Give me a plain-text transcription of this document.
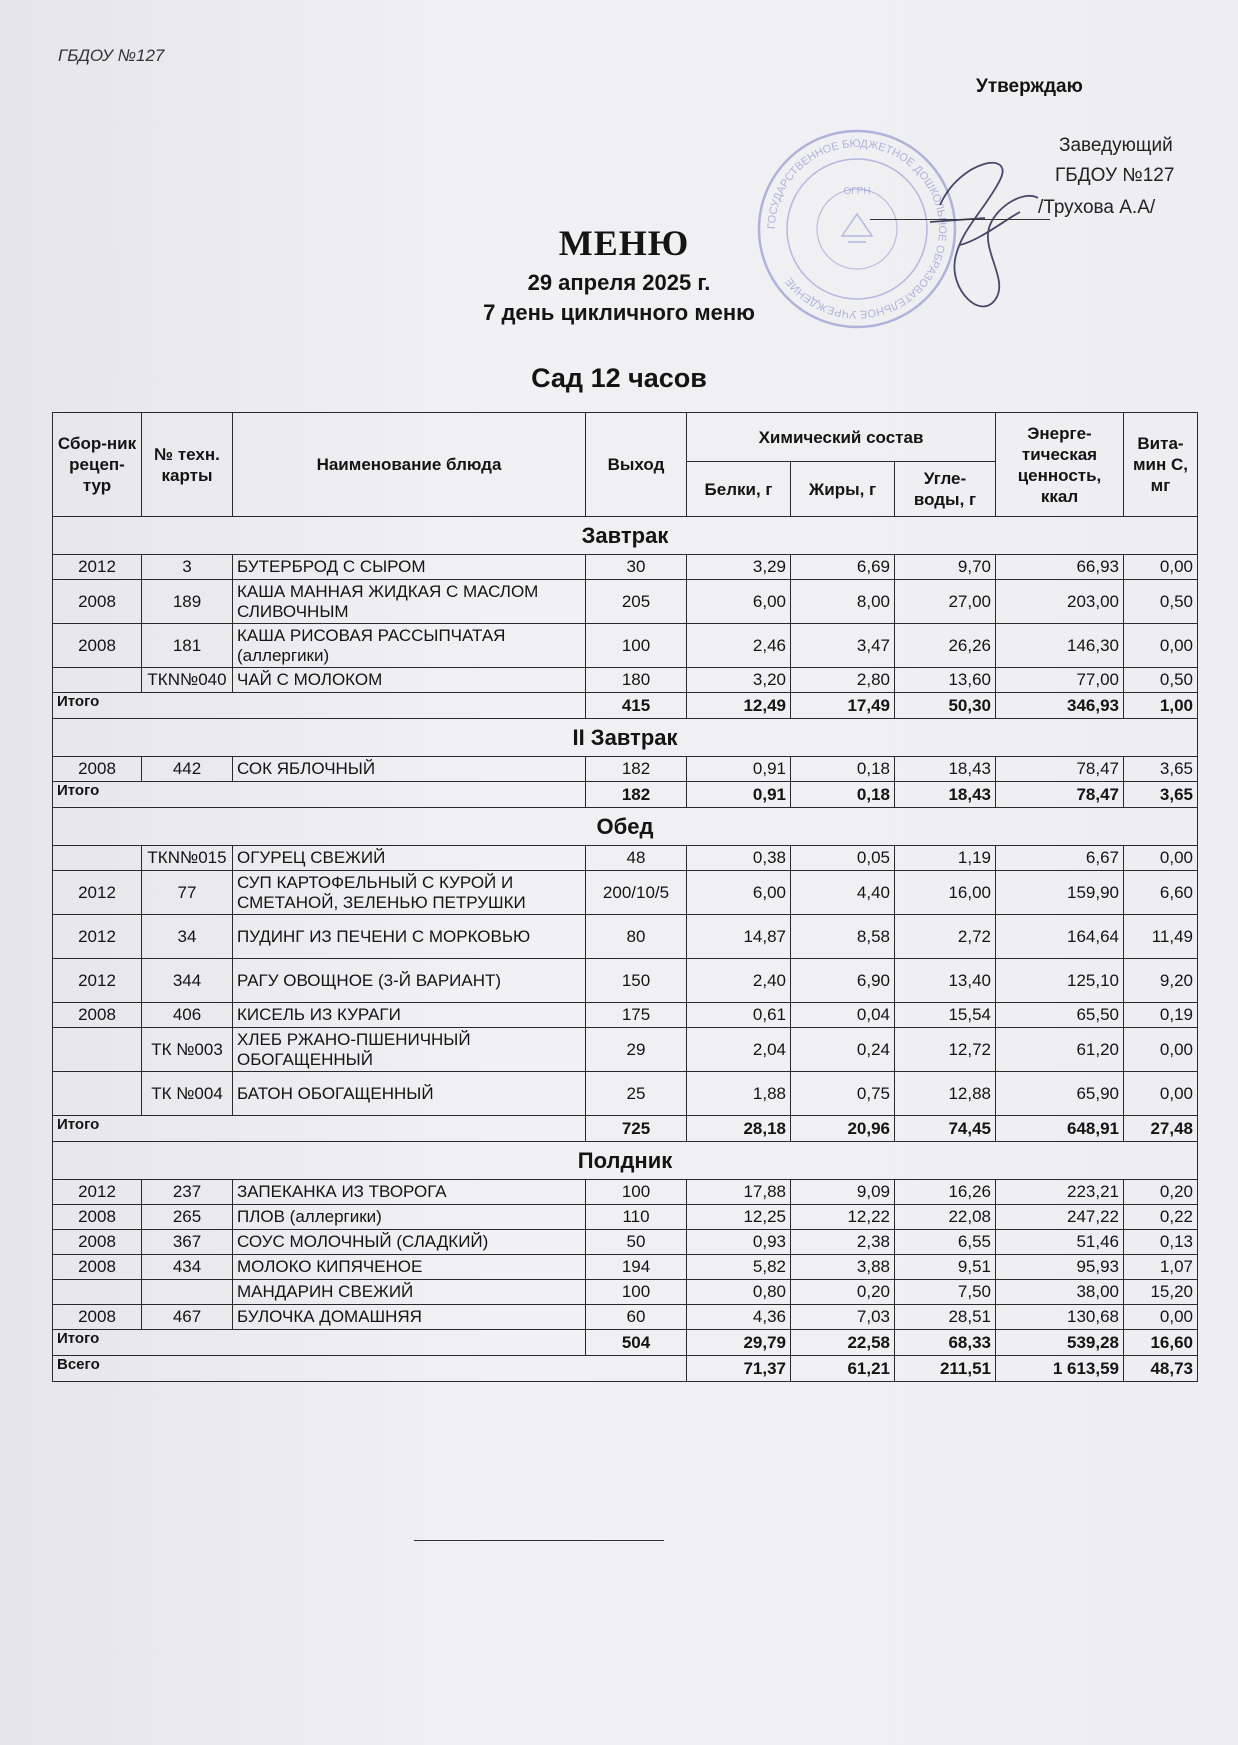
ГБДОУ №127
Утверждаю
ГОСУДАРСТВЕННОЕ БЮДЖЕТНОЕ ДОШКОЛЬНОЕ ОБРАЗОВАТЕЛЬНОЕ УЧРЕЖДЕНИЕ
ОГРН
Заведующий
ГБДОУ №127
/Трухова А.А/
МЕНЮ
29 апреля 2025 г.
7 день цикличного меню
Сад 12 часов
Сбор-ник рецеп-тур	№ техн. карты	Наименование блюда	Выход	Химический состав			Энерге-тическая ценность, ккал	Вита-мин С, мг
				Белки, г	Жиры, г	Угле-воды, г		
Завтрак								
2012	3	БУТЕРБРОД С СЫРОМ	30	3,29	6,69	9,70	66,93	0,00
2008	189	КАША МАННАЯ ЖИДКАЯ С МАСЛОМ СЛИВОЧНЫМ	205	6,00	8,00	27,00	203,00	0,50
2008	181	КАША РИСОВАЯ РАССЫПЧАТАЯ (аллергики)	100	2,46	3,47	26,26	146,30	0,00
	ТКN№040	ЧАЙ С МОЛОКОМ	180	3,20	2,80	13,60	77,00	0,50
Итого			415	12,49	17,49	50,30	346,93	1,00
II Завтрак								
2008	442	СОК ЯБЛОЧНЫЙ	182	0,91	0,18	18,43	78,47	3,65
Итого			182	0,91	0,18	18,43	78,47	3,65
Обед								
	ТКN№015	ОГУРЕЦ СВЕЖИЙ	48	0,38	0,05	1,19	6,67	0,00
2012	77	СУП КАРТОФЕЛЬНЫЙ С КУРОЙ И СМЕТАНОЙ, ЗЕЛЕНЬЮ ПЕТРУШКИ	200/10/5	6,00	4,40	16,00	159,90	6,60
2012	34	ПУДИНГ ИЗ ПЕЧЕНИ С МОРКОВЬЮ	80	14,87	8,58	2,72	164,64	11,49
2012	344	РАГУ ОВОЩНОЕ (3-Й ВАРИАНТ)	150	2,40	6,90	13,40	125,10	9,20
2008	406	КИСЕЛЬ ИЗ КУРАГИ	175	0,61	0,04	15,54	65,50	0,19
	ТК №003	ХЛЕБ РЖАНО-ПШЕНИЧНЫЙ ОБОГАЩЕННЫЙ	29	2,04	0,24	12,72	61,20	0,00
	ТК №004	БАТОН ОБОГАЩЕННЫЙ	25	1,88	0,75	12,88	65,90	0,00
Итого			725	28,18	20,96	74,45	648,91	27,48
Полдник								
2012	237	ЗАПЕКАНКА ИЗ ТВОРОГА	100	17,88	9,09	16,26	223,21	0,20
2008	265	ПЛОВ (аллергики)	110	12,25	12,22	22,08	247,22	0,22
2008	367	СОУС МОЛОЧНЫЙ (СЛАДКИЙ)	50	0,93	2,38	6,55	51,46	0,13
2008	434	МОЛОКО КИПЯЧЕНОЕ	194	5,82	3,88	9,51	95,93	1,07
		МАНДАРИН СВЕЖИЙ	100	0,80	0,20	7,50	38,00	15,20
2008	467	БУЛОЧКА ДОМАШНЯЯ	60	4,36	7,03	28,51	130,68	0,00
Итого			504	29,79	22,58	68,33	539,28	16,60
Всего				71,37	61,21	211,51	1 613,59	48,73
